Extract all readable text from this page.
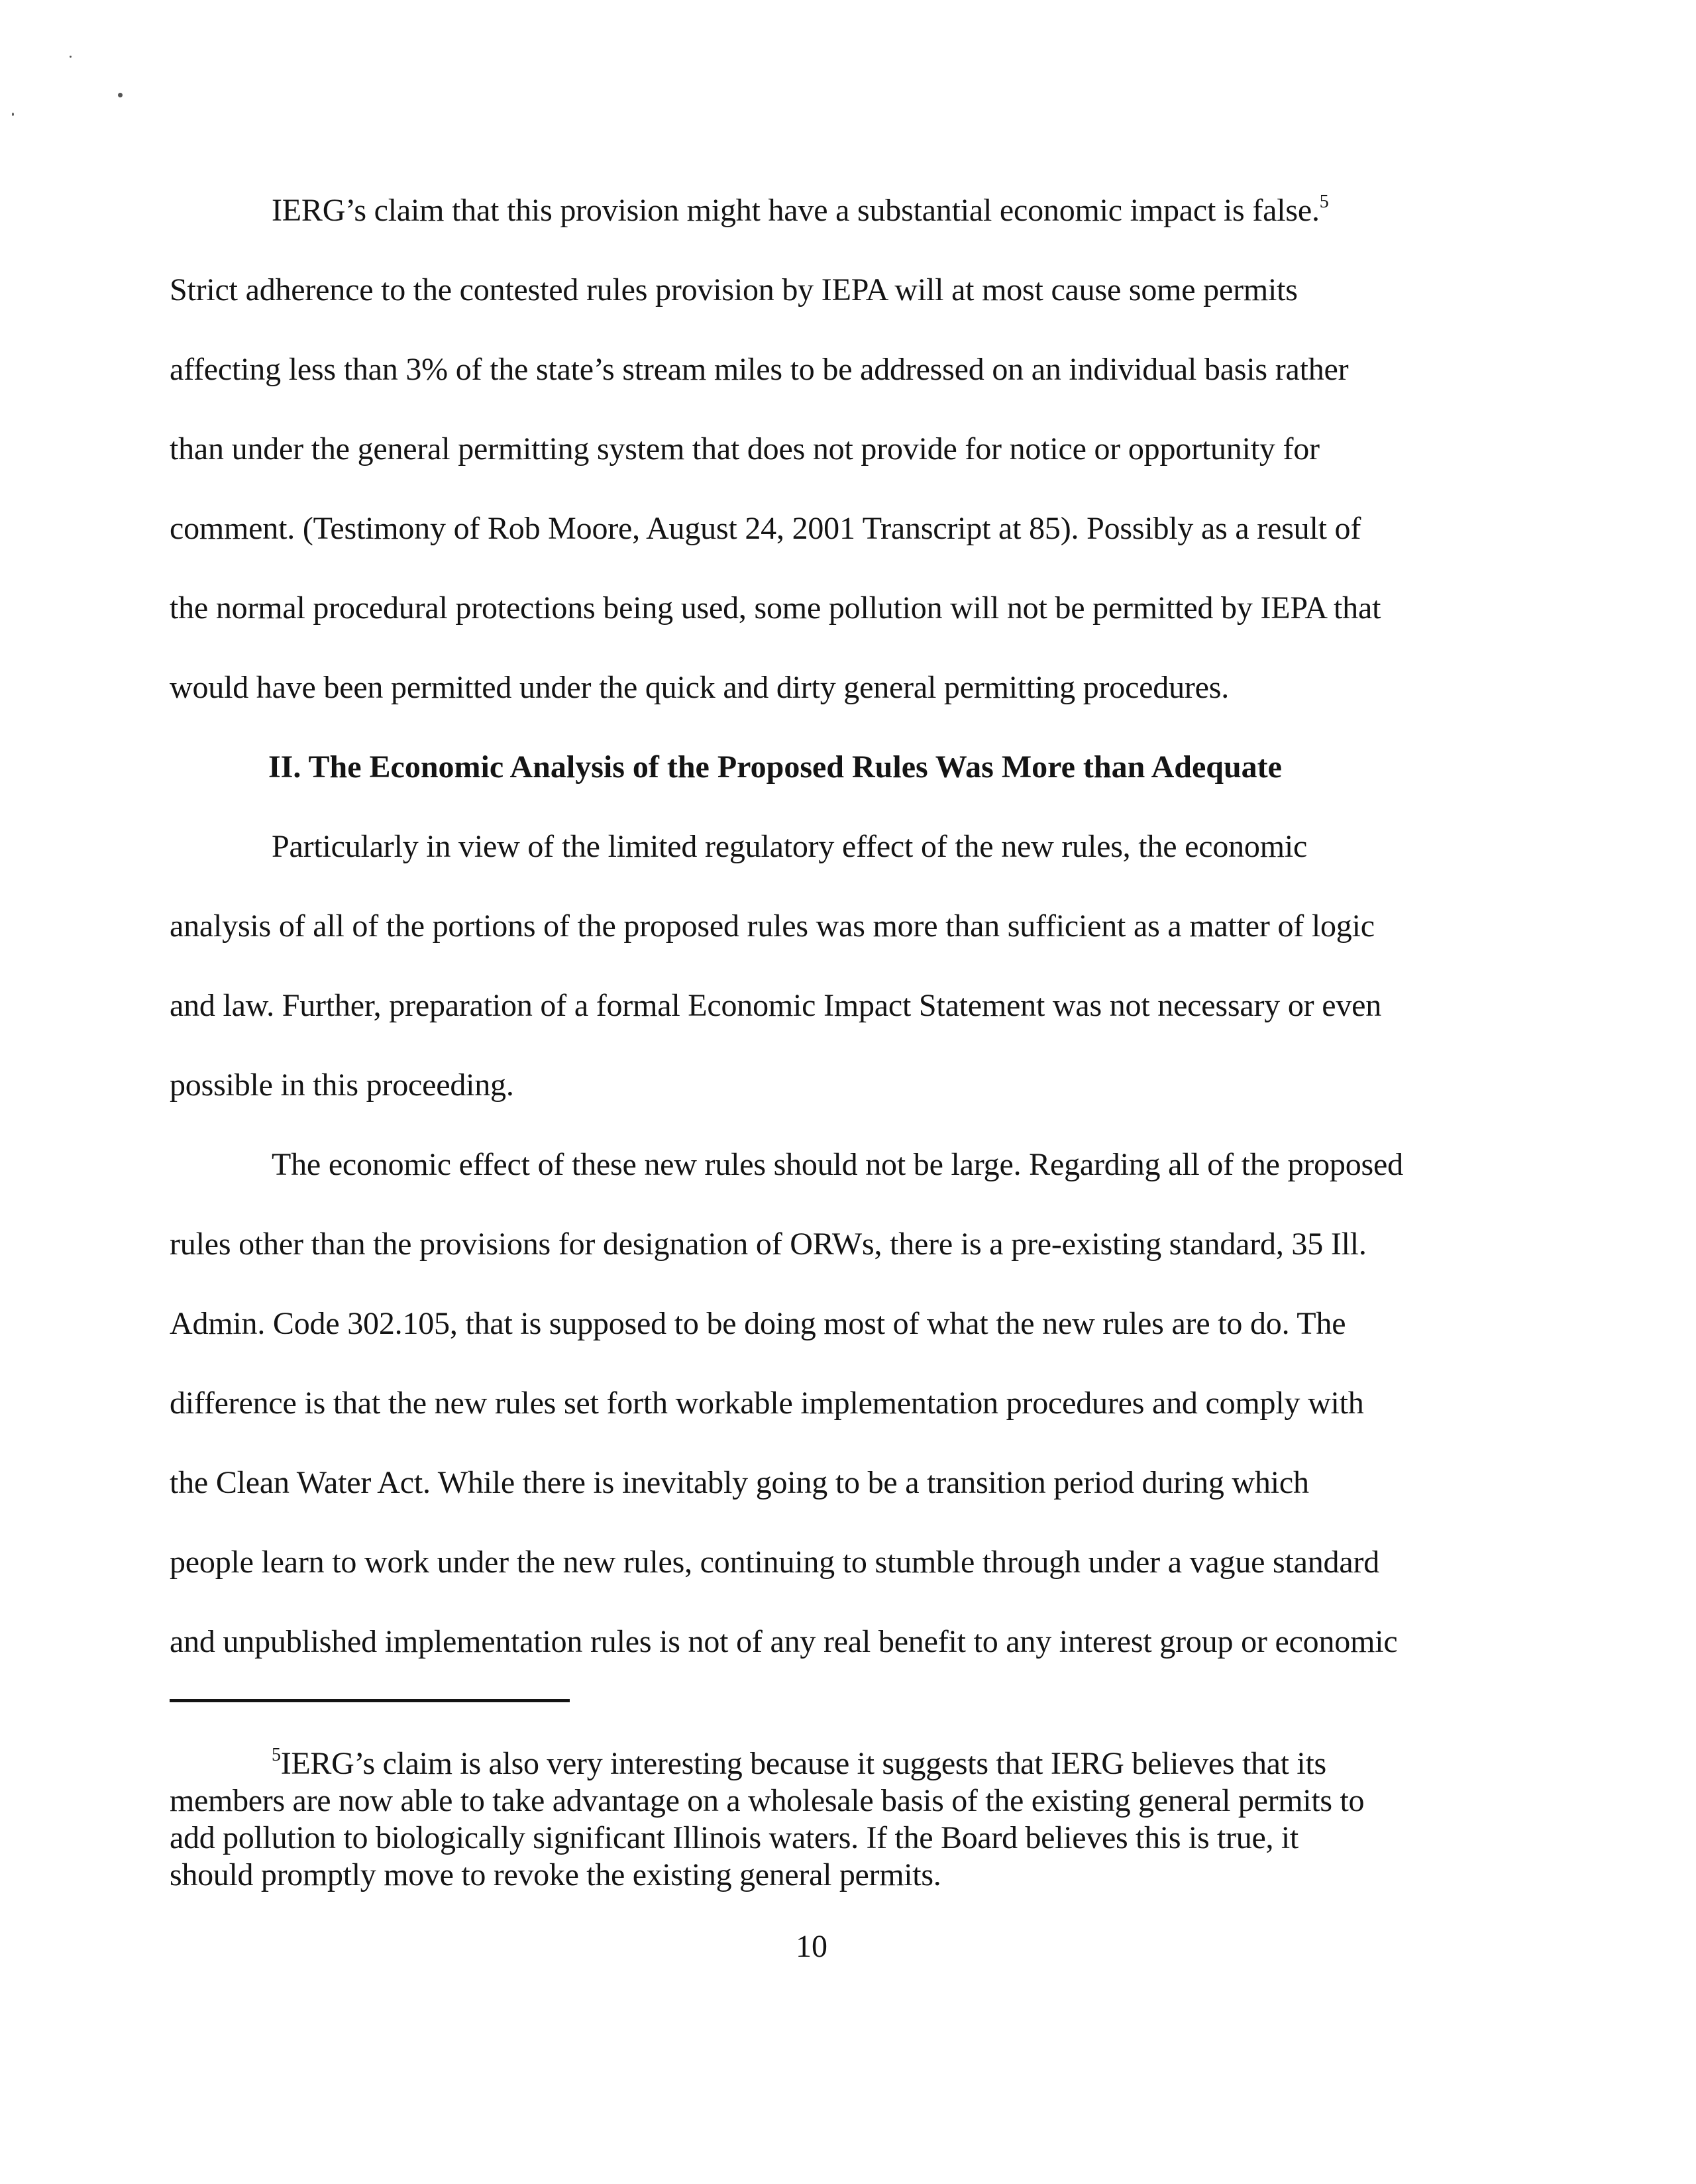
IERG’s claim that this provision might have a substantial economic impact is false.$^5$
Strict adherence to the contested rules provision by IEPA will at most cause some permits
affecting less than 3% of the state’s stream miles to be addressed on an individual basis rather
than under the general permitting system that does not provide for notice or opportunity for
comment. (Testimony of Rob Moore, August 24, 2001 Transcript at 85). Possibly as a result of
the normal procedural protections being used, some pollution will not be permitted by IEPA that
would have been permitted under the quick and dirty general permitting procedures.
II. The Economic Analysis of the Proposed Rules Was More than Adequate
Particularly in view of the limited regulatory effect of the new rules, the economic
analysis of all of the portions of the proposed rules was more than sufficient as a matter of logic
and law. Further, preparation of a formal Economic Impact Statement was not necessary or even
possible in this proceeding.
The economic effect of these new rules should not be large. Regarding all of the proposed
rules other than the provisions for designation of ORWs, there is a pre-existing standard, 35 Ill.
Admin. Code 302.105, that is supposed to be doing most of what the new rules are to do. The
difference is that the new rules set forth workable implementation procedures and comply with
the Clean Water Act. While there is inevitably going to be a transition period during which
people learn to work under the new rules, continuing to stumble through under a vague standard
and unpublished implementation rules is not of any real benefit to any interest group or economic
$^5$IERG’s claim is also very interesting because it suggests that IERG believes that its
members are now able to take advantage on a wholesale basis of the existing general permits to
add pollution to biologically significant Illinois waters. If the Board believes this is true, it
should promptly move to revoke the existing general permits.
10
